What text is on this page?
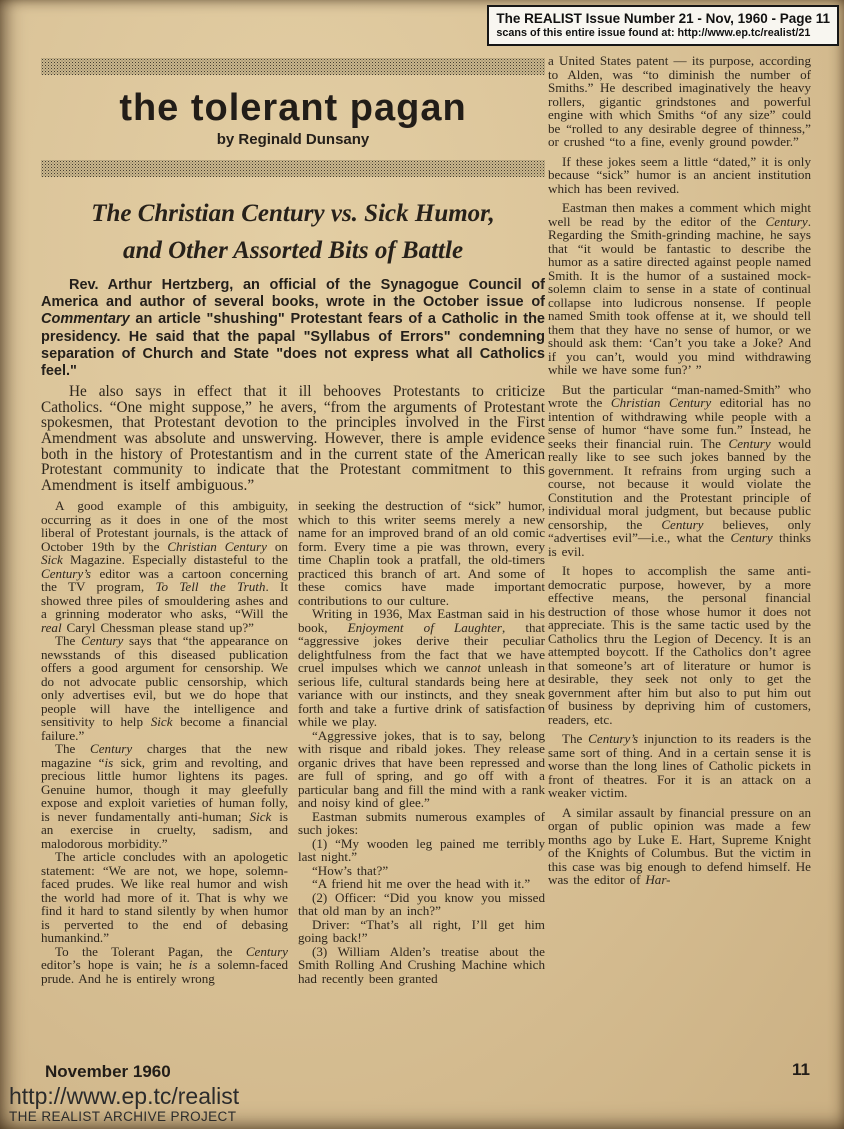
The REALIST Issue Number 21 - Nov, 1960 - Page 11
scans of this entire issue found at: http://www.ep.tc/realist/21
the tolerant pagan
by Reginald Dunsany
The Christian Century vs. Sick Humor,
and Other Assorted Bits of Battle

Rev. Arthur Hertzberg, an official of the Synagogue Council of America and author of several books, wrote in the October issue of Commentary an article "shushing" Protestant fears of a Catholic in the presidency. He said that the papal "Syllabus of Errors" condemning separation of Church and State "does not express what all Catholics feel."

He also says in effect that it ill behooves Protestants to criticize Catholics. “One might suppose,” he avers, “from the arguments of Protestant spokesmen, that Protestant devotion to the principles involved in the First Amendment was absolute and unswerving. However, there is ample evidence both in the history of Protestantism and in the current state of the American Protestant community to indicate that the Protestant commitment to this Amendment is itself ambiguous.”

A good example of this ambiguity, occurring as it does in one of the most liberal of Protestant journals, is the attack of October 19th by the Christian Century on Sick Magazine. Especially distasteful to the Century’s editor was a cartoon concerning the TV program, To Tell the Truth. It showed three piles of smouldering ashes and a grinning moderator who asks, “Will the real Caryl Chessman please stand up?”

The Century says that “the appearance on newsstands of this diseased publication offers a good argument for censorship. We do not advocate public censorship, which only advertises evil, but we do hope that people will have the intelligence and sensitivity to help Sick become a financial failure.”

The Century charges that the new magazine “is sick, grim and revolting, and precious little humor lightens its pages. Genuine humor, though it may gleefully expose and exploit varieties of human folly, is never fundamentally anti-human; Sick is an exercise in cruelty, sadism, and malodorous morbidity.”

The article concludes with an apologetic statement: “We are not, we hope, solemn-faced prudes. We like real humor and wish the world had more of it. That is why we find it hard to stand silently by when humor is perverted to the end of debasing humankind.”

To the Tolerant Pagan, the Century editor’s hope is vain; he is a solemn-faced prude. And he is entirely wrong

in seeking the destruction of “sick” humor, which to this writer seems merely a new name for an improved brand of an old comic form. Every time a pie was thrown, every time Chaplin took a pratfall, the old-timers practiced this branch of art. And some of these comics have made important contributions to our culture.

Writing in 1936, Max Eastman said in his book, Enjoyment of Laughter, that “aggressive jokes derive their peculiar delightfulness from the fact that we have cruel impulses which we cannot unleash in serious life, cultural standards being here at variance with our instincts, and they sneak forth and take a furtive drink of satisfaction while we play.

“Aggressive jokes, that is to say, belong with risque and ribald jokes. They release organic drives that have been repressed and are full of spring, and go off with a particular bang and fill the mind with a rank and noisy kind of glee.”

Eastman submits numerous examples of such jokes:

(1) “My wooden leg pained me terribly last night.”

“How’s that?”

“A friend hit me over the head with it.”

(2) Officer: “Did you know you missed that old man by an inch?”

Driver: “That’s all right, I’ll get him going back!”

(3) William Alden’s treatise about the Smith Rolling And Crushing Machine which had recently been granted

a United States patent — its purpose, according to Alden, was “to diminish the number of Smiths.” He described imaginatively the heavy rollers, gigantic grindstones and powerful engine with which Smiths “of any size” could be “rolled to any desirable degree of thinness,” or crushed “to a fine, evenly ground powder.”

If these jokes seem a little “dated,” it is only because “sick” humor is an ancient institution which has been revived.

Eastman then makes a comment which might well be read by the editor of the Century. Regarding the Smith-grinding machine, he says that “it would be fantastic to describe the humor as a satire directed against people named Smith. It is the humor of a sustained mock-solemn claim to sense in a state of continual collapse into ludicrous nonsense. If people named Smith took offense at it, we should tell them that they have no sense of humor, or we should ask them: ‘Can’t you take a Joke? And if you can’t, would you mind withdrawing while we have some fun?’ ”

But the particular “man-named-Smith” who wrote the Christian Century editorial has no intention of withdrawing while people with a sense of humor “have some fun.” Instead, he seeks their financial ruin. The Century would really like to see such jokes banned by the government. It refrains from urging such a course, not because it would violate the Constitution and the Protestant principle of individual moral judgment, but because public censorship, the Century believes, only “advertises evil”—i.e., what the Century thinks is evil.

It hopes to accomplish the same anti-democratic purpose, however, by a more effective means, the personal financial destruction of those whose humor it does not appreciate. This is the same tactic used by the Catholics thru the Legion of Decency. It is an attempted boycott. If the Catholics don’t agree that someone’s art of literature or humor is desirable, they seek not only to get the government after him but also to put him out of business by depriving him of customers, readers, etc.

The Century’s injunction to its readers is the same sort of thing. And in a certain sense it is worse than the long lines of Catholic pickets in front of theatres. For it is an attack on a weaker victim.

A similar assault by financial pressure on an organ of public opinion was made a few months ago by Luke E. Hart, Supreme Knight of the Knights of Columbus. But the victim in this case was big enough to defend himself. He was the editor of Har-

November 1960	11
http://www.ep.tc/realist
THE REALIST ARCHIVE PROJECT
